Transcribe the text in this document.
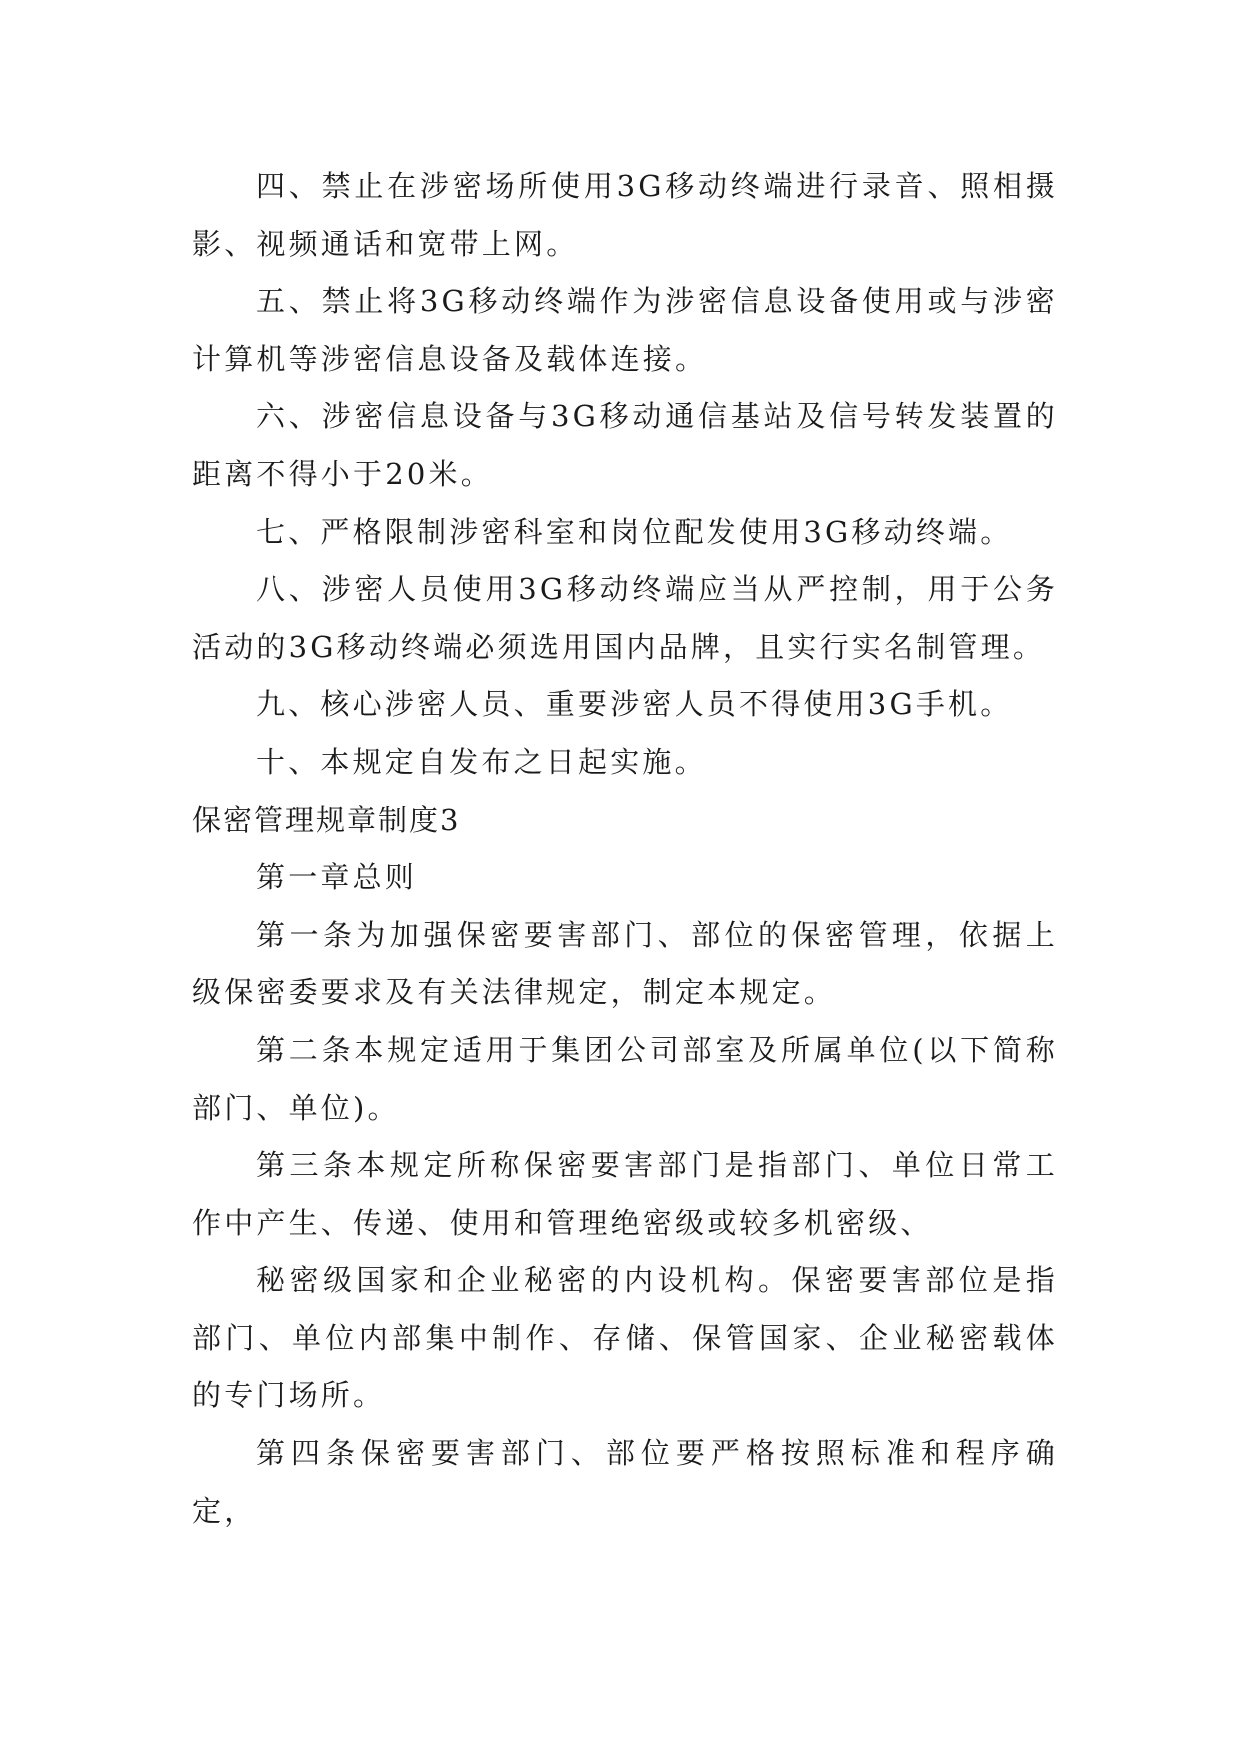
四、禁止在涉密场所使用3G移动终端进行录音、照相摄影、视频通话和宽带上网。

五、禁止将3G移动终端作为涉密信息设备使用或与涉密计算机等涉密信息设备及载体连接。

六、涉密信息设备与3G移动通信基站及信号转发装置的距离不得小于20米。

七、严格限制涉密科室和岗位配发使用3G移动终端。

八、涉密人员使用3G移动终端应当从严控制，用于公务活动的3G移动终端必须选用国内品牌，且实行实名制管理。

九、核心涉密人员、重要涉密人员不得使用3G手机。

十、本规定自发布之日起实施。

保密管理规章制度3

第一章总则

第一条为加强保密要害部门、部位的保密管理，依据上级保密委要求及有关法律规定，制定本规定。

第二条本规定适用于集团公司部室及所属单位(以下简称部门、单位)。

第三条本规定所称保密要害部门是指部门、单位日常工作中产生、传递、使用和管理绝密级或较多机密级、

秘密级国家和企业秘密的内设机构。保密要害部位是指部门、单位内部集中制作、存储、保管国家、企业秘密载体的专门场所。

第四条保密要害部门、部位要严格按照标准和程序确定，
